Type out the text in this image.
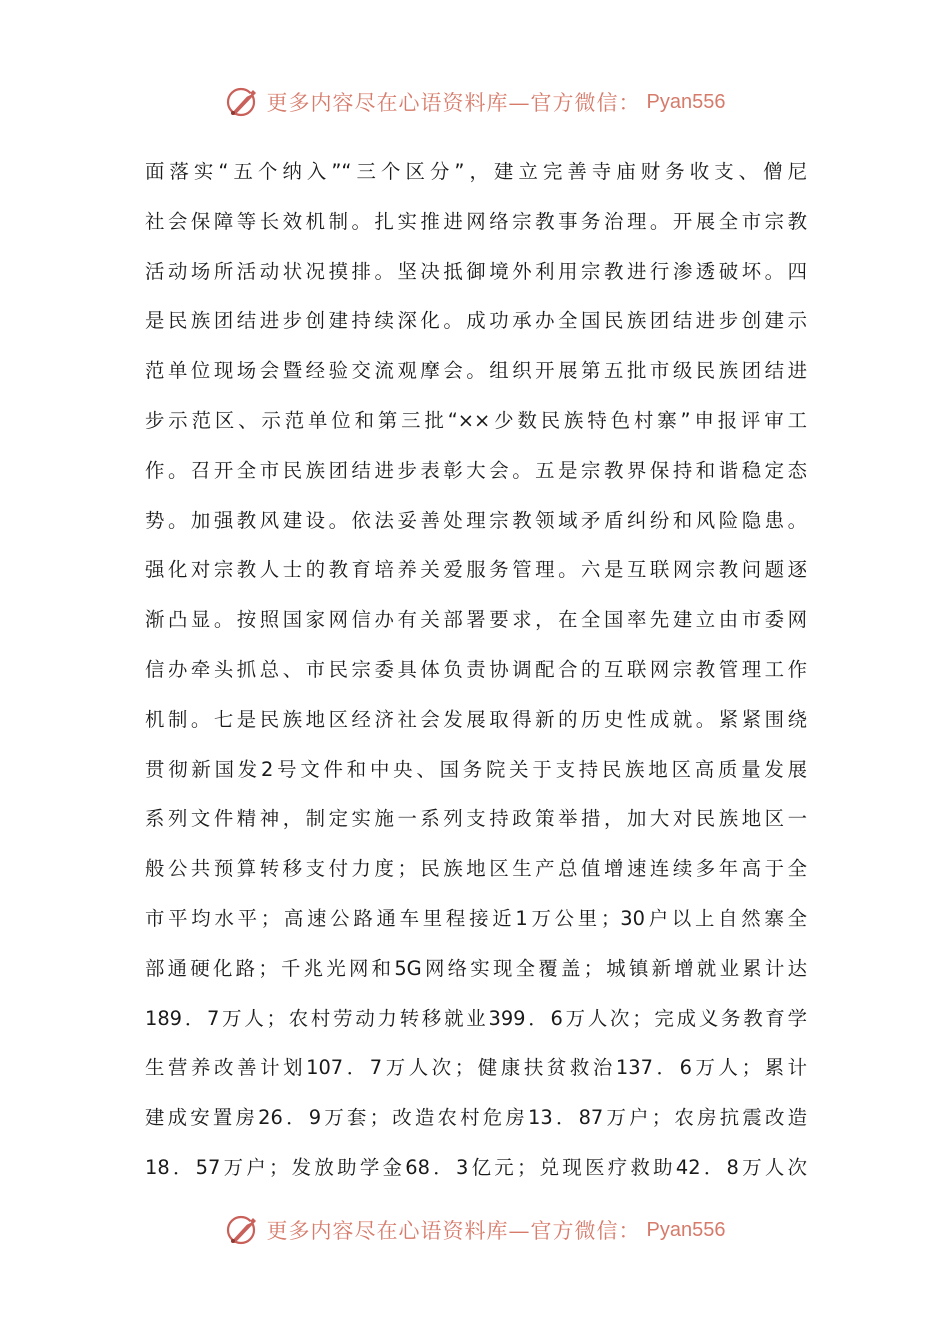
更多内容尽在心语资料库—官方微信： Pyan556
面落实“五个纳入”“三个区分”，建立完善寺庙财务收支、僧尼
社会保障等长效机制。扎实推进网络宗教事务治理。开展全市宗教
活动场所活动状况摸排。坚决抵御境外利用宗教进行渗透破坏。四
是民族团结进步创建持续深化。成功承办全国民族团结进步创建示
范单位现场会暨经验交流观摩会。组织开展第五批市级民族团结进
步示范区、示范单位和第三批“××少数民族特色村寨”申报评审工
作。召开全市民族团结进步表彰大会。五是宗教界保持和谐稳定态
势。加强教风建设。依法妥善处理宗教领域矛盾纠纷和风险隐患。
强化对宗教人士的教育培养关爱服务管理。六是互联网宗教问题逐
渐凸显。按照国家网信办有关部署要求，在全国率先建立由市委网
信办牵头抓总、市民宗委具体负责协调配合的互联网宗教管理工作
机制。七是民族地区经济社会发展取得新的历史性成就。紧紧围绕
贯彻新国发2号文件和中央、国务院关于支持民族地区高质量发展
系列文件精神，制定实施一系列支持政策举措，加大对民族地区一
般公共预算转移支付力度；民族地区生产总值增速连续多年高于全
市平均水平；高速公路通车里程接近1万公里；30户以上自然寨全
部通硬化路；千兆光网和5G网络实现全覆盖；城镇新增就业累计达
189．7万人；农村劳动力转移就业399．6万人次；完成义务教育学
生营养改善计划107．7万人次；健康扶贫救治137．6万人；累计
建成安置房26．9万套；改造农村危房13．87万户；农房抗震改造
18．57万户；发放助学金68．3亿元；兑现医疗救助42．8万人次
更多内容尽在心语资料库—官方微信： Pyan556
